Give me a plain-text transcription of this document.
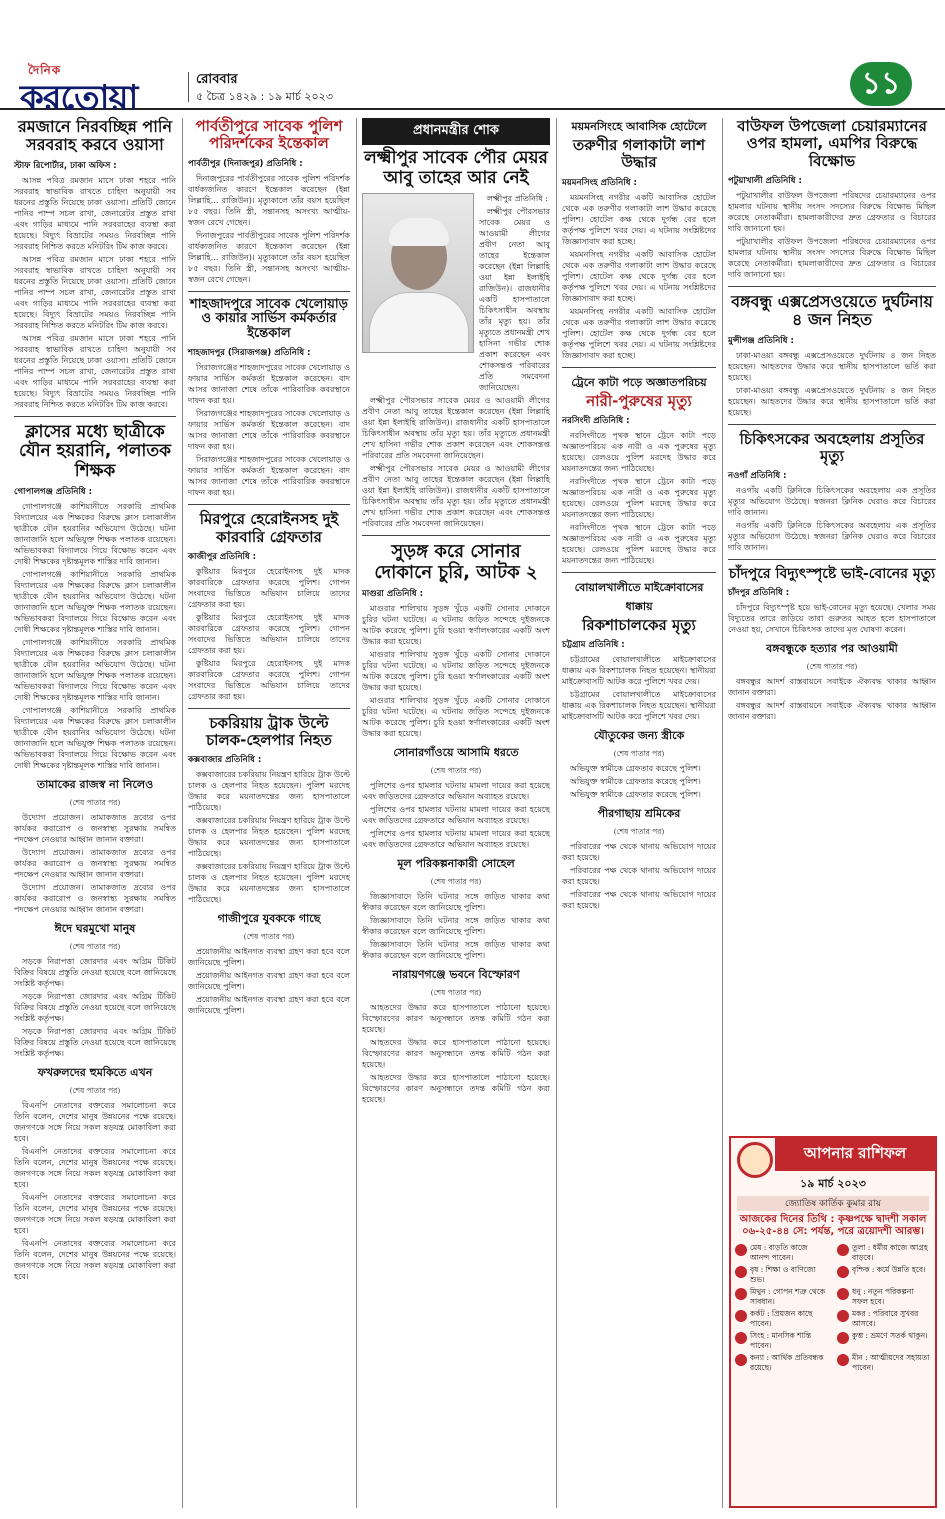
দৈনিক
করতোয়া	রোববার
৫ চৈত্র ১৪২৯ : ১৯ মার্চ ২০২৩	১১
রমজানে নিরবচ্ছিন্ন পানি সরবরাহ করবে ওয়াসা
স্টাফ রিপোর্টার, ঢাকা অফিস :

আসন্ন পবিত্র রমজান মাসে ঢাকা শহরে পানি সরবরাহ স্বাভাবিক রাখতে চাহিদা অনুযায়ী সব ধরনের প্রস্তুতি নিয়েছে ঢাকা ওয়াসা। প্রতিটি জোনে পানির পাম্প সচল রাখা, জেনারেটর প্রস্তুত রাখা এবং গাড়ির মাধ্যমে পানি সরবরাহের ব্যবস্থা করা হয়েছে। বিদ্যুৎ বিভ্রাটের সময়ও নিরবচ্ছিন্ন পানি সরবরাহ নিশ্চিত করতে মনিটরিং টিম কাজ করবে।

আসন্ন পবিত্র রমজান মাসে ঢাকা শহরে পানি সরবরাহ স্বাভাবিক রাখতে চাহিদা অনুযায়ী সব ধরনের প্রস্তুতি নিয়েছে ঢাকা ওয়াসা। প্রতিটি জোনে পানির পাম্প সচল রাখা, জেনারেটর প্রস্তুত রাখা এবং গাড়ির মাধ্যমে পানি সরবরাহের ব্যবস্থা করা হয়েছে। বিদ্যুৎ বিভ্রাটের সময়ও নিরবচ্ছিন্ন পানি সরবরাহ নিশ্চিত করতে মনিটরিং টিম কাজ করবে।

আসন্ন পবিত্র রমজান মাসে ঢাকা শহরে পানি সরবরাহ স্বাভাবিক রাখতে চাহিদা অনুযায়ী সব ধরনের প্রস্তুতি নিয়েছে ঢাকা ওয়াসা। প্রতিটি জোনে পানির পাম্প সচল রাখা, জেনারেটর প্রস্তুত রাখা এবং গাড়ির মাধ্যমে পানি সরবরাহের ব্যবস্থা করা হয়েছে। বিদ্যুৎ বিভ্রাটের সময়ও নিরবচ্ছিন্ন পানি সরবরাহ নিশ্চিত করতে মনিটরিং টিম কাজ করবে।

ক্লাসের মধ্যে ছাত্রীকে যৌন হয়রানি, পলাতক শিক্ষক
গোপালগঞ্জ প্রতিনিধি :

গোপালগঞ্জে কাশিয়ানীতে সরকারি প্রাথমিক বিদ্যালয়ের এক শিক্ষকের বিরুদ্ধে ক্লাস চলাকালীন ছাত্রীকে যৌন হয়রানির অভিযোগ উঠেছে। ঘটনা জানাজানি হলে অভিযুক্ত শিক্ষক পলাতক রয়েছেন। অভিভাবকরা বিদ্যালয়ে গিয়ে বিক্ষোভ করেন এবং দোষী শিক্ষকের দৃষ্টান্তমূলক শাস্তির দাবি জানান।

গোপালগঞ্জে কাশিয়ানীতে সরকারি প্রাথমিক বিদ্যালয়ের এক শিক্ষকের বিরুদ্ধে ক্লাস চলাকালীন ছাত্রীকে যৌন হয়রানির অভিযোগ উঠেছে। ঘটনা জানাজানি হলে অভিযুক্ত শিক্ষক পলাতক রয়েছেন। অভিভাবকরা বিদ্যালয়ে গিয়ে বিক্ষোভ করেন এবং দোষী শিক্ষকের দৃষ্টান্তমূলক শাস্তির দাবি জানান।

গোপালগঞ্জে কাশিয়ানীতে সরকারি প্রাথমিক বিদ্যালয়ের এক শিক্ষকের বিরুদ্ধে ক্লাস চলাকালীন ছাত্রীকে যৌন হয়রানির অভিযোগ উঠেছে। ঘটনা জানাজানি হলে অভিযুক্ত শিক্ষক পলাতক রয়েছেন। অভিভাবকরা বিদ্যালয়ে গিয়ে বিক্ষোভ করেন এবং দোষী শিক্ষকের দৃষ্টান্তমূলক শাস্তির দাবি জানান।

গোপালগঞ্জে কাশিয়ানীতে সরকারি প্রাথমিক বিদ্যালয়ের এক শিক্ষকের বিরুদ্ধে ক্লাস চলাকালীন ছাত্রীকে যৌন হয়রানির অভিযোগ উঠেছে। ঘটনা জানাজানি হলে অভিযুক্ত শিক্ষক পলাতক রয়েছেন। অভিভাবকরা বিদ্যালয়ে গিয়ে বিক্ষোভ করেন এবং দোষী শিক্ষকের দৃষ্টান্তমূলক শাস্তির দাবি জানান।

তামাকের রাজস্ব না নিলেও
(শেষ পাতার পর)

উদ্যোগ প্রয়োজন। তামাকজাত দ্রব্যের ওপর কার্যকর করারোপ ও জনস্বাস্থ্য সুরক্ষায় সমন্বিত পদক্ষেপ নেওয়ার আহ্বান জানান বক্তারা।

উদ্যোগ প্রয়োজন। তামাকজাত দ্রব্যের ওপর কার্যকর করারোপ ও জনস্বাস্থ্য সুরক্ষায় সমন্বিত পদক্ষেপ নেওয়ার আহ্বান জানান বক্তারা।

উদ্যোগ প্রয়োজন। তামাকজাত দ্রব্যের ওপর কার্যকর করারোপ ও জনস্বাস্থ্য সুরক্ষায় সমন্বিত পদক্ষেপ নেওয়ার আহ্বান জানান বক্তারা।

ঈদে ঘরমুখো মানুষ
(শেষ পাতার পর)

সড়কে নিরাপত্তা জোরদার এবং অগ্রিম টিকিট বিক্রির বিষয়ে প্রস্তুতি নেওয়া হয়েছে বলে জানিয়েছে সংশ্লিষ্ট কর্তৃপক্ষ।

সড়কে নিরাপত্তা জোরদার এবং অগ্রিম টিকিট বিক্রির বিষয়ে প্রস্তুতি নেওয়া হয়েছে বলে জানিয়েছে সংশ্লিষ্ট কর্তৃপক্ষ।

সড়কে নিরাপত্তা জোরদার এবং অগ্রিম টিকিট বিক্রির বিষয়ে প্রস্তুতি নেওয়া হয়েছে বলে জানিয়েছে সংশ্লিষ্ট কর্তৃপক্ষ।

ফখরুলদের হুমকিতে এখন
(শেষ পাতার পর)

বিএনপি নেতাদের বক্তব্যের সমালোচনা করে তিনি বলেন, দেশের মানুষ উন্নয়নের পক্ষে রয়েছে। জনগণকে সঙ্গে নিয়ে সকল ষড়যন্ত্র মোকাবিলা করা হবে।

বিএনপি নেতাদের বক্তব্যের সমালোচনা করে তিনি বলেন, দেশের মানুষ উন্নয়নের পক্ষে রয়েছে। জনগণকে সঙ্গে নিয়ে সকল ষড়যন্ত্র মোকাবিলা করা হবে।

বিএনপি নেতাদের বক্তব্যের সমালোচনা করে তিনি বলেন, দেশের মানুষ উন্নয়নের পক্ষে রয়েছে। জনগণকে সঙ্গে নিয়ে সকল ষড়যন্ত্র মোকাবিলা করা হবে।

বিএনপি নেতাদের বক্তব্যের সমালোচনা করে তিনি বলেন, দেশের মানুষ উন্নয়নের পক্ষে রয়েছে। জনগণকে সঙ্গে নিয়ে সকল ষড়যন্ত্র মোকাবিলা করা হবে।

পার্বতীপুরে সাবেক পুলিশ পরিদর্শকের ইন্তেকাল
পার্বতীপুর (দিনাজপুর) প্রতিনিধি :

দিনাজপুরের পার্বতীপুরের সাবেক পুলিশ পরিদর্শক বার্ধক্যজনিত কারণে ইন্তেকাল করেছেন (ইন্না লিল্লাহি... রাজিউন)। মৃত্যুকালে তাঁর বয়স হয়েছিল ৮৫ বছর। তিনি স্ত্রী, সন্তানসহ অসংখ্য আত্মীয়-স্বজন রেখে গেছেন।

দিনাজপুরের পার্বতীপুরের সাবেক পুলিশ পরিদর্শক বার্ধক্যজনিত কারণে ইন্তেকাল করেছেন (ইন্না লিল্লাহি... রাজিউন)। মৃত্যুকালে তাঁর বয়স হয়েছিল ৮৫ বছর। তিনি স্ত্রী, সন্তানসহ অসংখ্য আত্মীয়-স্বজন রেখে গেছেন।

শাহজাদপুরে সাবেক খেলোয়াড় ও কায়ার সার্ভিস কর্মকর্তার ইন্তেকাল
শাহজাদপুর (সিরাজগঞ্জ) প্রতিনিধি :

সিরাজগঞ্জের শাহজাদপুরের সাবেক খেলোয়াড় ও ফায়ার সার্ভিস কর্মকর্তা ইন্তেকাল করেছেন। বাদ আসর জানাজা শেষে তাঁকে পারিবারিক কবরস্থানে দাফন করা হয়।

সিরাজগঞ্জের শাহজাদপুরের সাবেক খেলোয়াড় ও ফায়ার সার্ভিস কর্মকর্তা ইন্তেকাল করেছেন। বাদ আসর জানাজা শেষে তাঁকে পারিবারিক কবরস্থানে দাফন করা হয়।

সিরাজগঞ্জের শাহজাদপুরের সাবেক খেলোয়াড় ও ফায়ার সার্ভিস কর্মকর্তা ইন্তেকাল করেছেন। বাদ আসর জানাজা শেষে তাঁকে পারিবারিক কবরস্থানে দাফন করা হয়।

মিরপুরে হেরোইনসহ দুই কারবারি গ্রেফতার
কাজীপুর প্রতিনিধি :

কুষ্টিয়ার মিরপুরে হেরোইনসহ দুই মাদক কারবারিকে গ্রেফতার করেছে পুলিশ। গোপন সংবাদের ভিত্তিতে অভিযান চালিয়ে তাদের গ্রেফতার করা হয়।

কুষ্টিয়ার মিরপুরে হেরোইনসহ দুই মাদক কারবারিকে গ্রেফতার করেছে পুলিশ। গোপন সংবাদের ভিত্তিতে অভিযান চালিয়ে তাদের গ্রেফতার করা হয়।

কুষ্টিয়ার মিরপুরে হেরোইনসহ দুই মাদক কারবারিকে গ্রেফতার করেছে পুলিশ। গোপন সংবাদের ভিত্তিতে অভিযান চালিয়ে তাদের গ্রেফতার করা হয়।

চকরিয়ায় ট্রাক উল্টে চালক-হেলপার নিহত
কক্সবাজার প্রতিনিধি :

কক্সবাজারের চকরিয়ায় নিয়ন্ত্রণ হারিয়ে ট্রাক উল্টে চালক ও হেলপার নিহত হয়েছেন। পুলিশ মরদেহ উদ্ধার করে ময়নাতদন্তের জন্য হাসপাতালে পাঠিয়েছে।

কক্সবাজারের চকরিয়ায় নিয়ন্ত্রণ হারিয়ে ট্রাক উল্টে চালক ও হেলপার নিহত হয়েছেন। পুলিশ মরদেহ উদ্ধার করে ময়নাতদন্তের জন্য হাসপাতালে পাঠিয়েছে।

কক্সবাজারের চকরিয়ায় নিয়ন্ত্রণ হারিয়ে ট্রাক উল্টে চালক ও হেলপার নিহত হয়েছেন। পুলিশ মরদেহ উদ্ধার করে ময়নাতদন্তের জন্য হাসপাতালে পাঠিয়েছে।

গাজীপুরে যুবককে গাছে
(শেষ পাতার পর)

প্রয়োজনীয় আইনগত ব্যবস্থা গ্রহণ করা হবে বলে জানিয়েছে পুলিশ।

প্রয়োজনীয় আইনগত ব্যবস্থা গ্রহণ করা হবে বলে জানিয়েছে পুলিশ।

প্রয়োজনীয় আইনগত ব্যবস্থা গ্রহণ করা হবে বলে জানিয়েছে পুলিশ।

প্রধানমন্ত্রীর শোক
লক্ষ্মীপুর সাবেক পৌর মেয়র আবু তাহের আর নেই

লক্ষ্মীপুর প্রতিনিধি :

লক্ষ্মীপুর পৌরসভার সাবেক মেয়র ও আওয়ামী লীগের প্রবীণ নেতা আবু তাহের ইন্তেকাল করেছেন (ইন্না লিল্লাহি ওয়া ইন্না ইলাইহি রাজিউন)। রাজধানীর একটি হাসপাতালে চিকিৎসাধীন অবস্থায় তাঁর মৃত্যু হয়। তাঁর মৃত্যুতে প্রধানমন্ত্রী শেখ হাসিনা গভীর শোক প্রকাশ করেছেন এবং শোকসন্তপ্ত পরিবারের প্রতি সমবেদনা জানিয়েছেন।

লক্ষ্মীপুর পৌরসভার সাবেক মেয়র ও আওয়ামী লীগের প্রবীণ নেতা আবু তাহের ইন্তেকাল করেছেন (ইন্না লিল্লাহি ওয়া ইন্না ইলাইহি রাজিউন)। রাজধানীর একটি হাসপাতালে চিকিৎসাধীন অবস্থায় তাঁর মৃত্যু হয়। তাঁর মৃত্যুতে প্রধানমন্ত্রী শেখ হাসিনা গভীর শোক প্রকাশ করেছেন এবং শোকসন্তপ্ত পরিবারের প্রতি সমবেদনা জানিয়েছেন।

লক্ষ্মীপুর পৌরসভার সাবেক মেয়র ও আওয়ামী লীগের প্রবীণ নেতা আবু তাহের ইন্তেকাল করেছেন (ইন্না লিল্লাহি ওয়া ইন্না ইলাইহি রাজিউন)। রাজধানীর একটি হাসপাতালে চিকিৎসাধীন অবস্থায় তাঁর মৃত্যু হয়। তাঁর মৃত্যুতে প্রধানমন্ত্রী শেখ হাসিনা গভীর শোক প্রকাশ করেছেন এবং শোকসন্তপ্ত পরিবারের প্রতি সমবেদনা জানিয়েছেন।

সুড়ঙ্গ করে সোনার দোকানে চুরি, আটক ২
মাগুরা প্রতিনিধি :

মাগুরার শালিখায় সুড়ঙ্গ খুঁড়ে একটি সোনার দোকানে চুরির ঘটনা ঘটেছে। এ ঘটনায় জড়িত সন্দেহে দুইজনকে আটক করেছে পুলিশ। চুরি হওয়া স্বর্ণালংকারের একটি অংশ উদ্ধার করা হয়েছে।

মাগুরার শালিখায় সুড়ঙ্গ খুঁড়ে একটি সোনার দোকানে চুরির ঘটনা ঘটেছে। এ ঘটনায় জড়িত সন্দেহে দুইজনকে আটক করেছে পুলিশ। চুরি হওয়া স্বর্ণালংকারের একটি অংশ উদ্ধার করা হয়েছে।

মাগুরার শালিখায় সুড়ঙ্গ খুঁড়ে একটি সোনার দোকানে চুরির ঘটনা ঘটেছে। এ ঘটনায় জড়িত সন্দেহে দুইজনকে আটক করেছে পুলিশ। চুরি হওয়া স্বর্ণালংকারের একটি অংশ উদ্ধার করা হয়েছে।

সোনারগাঁওয়ে আসামি ধরতে
(শেষ পাতার পর)

পুলিশের ওপর হামলার ঘটনায় মামলা দায়ের করা হয়েছে এবং জড়িতদের গ্রেফতারে অভিযান অব্যাহত রয়েছে।

পুলিশের ওপর হামলার ঘটনায় মামলা দায়ের করা হয়েছে এবং জড়িতদের গ্রেফতারে অভিযান অব্যাহত রয়েছে।

পুলিশের ওপর হামলার ঘটনায় মামলা দায়ের করা হয়েছে এবং জড়িতদের গ্রেফতারে অভিযান অব্যাহত রয়েছে।

মূল পরিকল্পনাকারী সোহেল
(শেষ পাতার পর)

জিজ্ঞাসাবাদে তিনি ঘটনার সঙ্গে জড়িত থাকার কথা স্বীকার করেছেন বলে জানিয়েছে পুলিশ।

জিজ্ঞাসাবাদে তিনি ঘটনার সঙ্গে জড়িত থাকার কথা স্বীকার করেছেন বলে জানিয়েছে পুলিশ।

জিজ্ঞাসাবাদে তিনি ঘটনার সঙ্গে জড়িত থাকার কথা স্বীকার করেছেন বলে জানিয়েছে পুলিশ।

নারায়ণগঞ্জে ভবনে বিস্ফোরণ
(শেষ পাতার পর)

আহতদের উদ্ধার করে হাসপাতালে পাঠানো হয়েছে। বিস্ফোরণের কারণ অনুসন্ধানে তদন্ত কমিটি গঠন করা হয়েছে।

আহতদের উদ্ধার করে হাসপাতালে পাঠানো হয়েছে। বিস্ফোরণের কারণ অনুসন্ধানে তদন্ত কমিটি গঠন করা হয়েছে।

আহতদের উদ্ধার করে হাসপাতালে পাঠানো হয়েছে। বিস্ফোরণের কারণ অনুসন্ধানে তদন্ত কমিটি গঠন করা হয়েছে।

ময়মনসিংহে আবাসিক হোটেলে
তরুণীর গলাকাটা লাশ উদ্ধার
ময়মনসিংহ প্রতিনিধি :

ময়মনসিংহ নগরীর একটি আবাসিক হোটেল থেকে এক তরুণীর গলাকাটা লাশ উদ্ধার করেছে পুলিশ। হোটেল কক্ষ থেকে দুর্গন্ধ বের হলে কর্তৃপক্ষ পুলিশে খবর দেয়। এ ঘটনায় সংশ্লিষ্টদের জিজ্ঞাসাবাদ করা হচ্ছে।

ময়মনসিংহ নগরীর একটি আবাসিক হোটেল থেকে এক তরুণীর গলাকাটা লাশ উদ্ধার করেছে পুলিশ। হোটেল কক্ষ থেকে দুর্গন্ধ বের হলে কর্তৃপক্ষ পুলিশে খবর দেয়। এ ঘটনায় সংশ্লিষ্টদের জিজ্ঞাসাবাদ করা হচ্ছে।

ময়মনসিংহ নগরীর একটি আবাসিক হোটেল থেকে এক তরুণীর গলাকাটা লাশ উদ্ধার করেছে পুলিশ। হোটেল কক্ষ থেকে দুর্গন্ধ বের হলে কর্তৃপক্ষ পুলিশে খবর দেয়। এ ঘটনায় সংশ্লিষ্টদের জিজ্ঞাসাবাদ করা হচ্ছে।

ট্রেনে কাটা পড়ে অজ্ঞাতপরিচয়
নারী-পুরুষের মৃত্যু
নরসিংদী প্রতিনিধি :

নরসিংদীতে পৃথক স্থানে ট্রেনে কাটা পড়ে অজ্ঞাতপরিচয় এক নারী ও এক পুরুষের মৃত্যু হয়েছে। রেলওয়ে পুলিশ মরদেহ উদ্ধার করে ময়নাতদন্তের জন্য পাঠিয়েছে।

নরসিংদীতে পৃথক স্থানে ট্রেনে কাটা পড়ে অজ্ঞাতপরিচয় এক নারী ও এক পুরুষের মৃত্যু হয়েছে। রেলওয়ে পুলিশ মরদেহ উদ্ধার করে ময়নাতদন্তের জন্য পাঠিয়েছে।

নরসিংদীতে পৃথক স্থানে ট্রেনে কাটা পড়ে অজ্ঞাতপরিচয় এক নারী ও এক পুরুষের মৃত্যু হয়েছে। রেলওয়ে পুলিশ মরদেহ উদ্ধার করে ময়নাতদন্তের জন্য পাঠিয়েছে।

বোয়ালখালীতে মাইক্রোবাসের ধাক্কায়
রিকশাচালকের মৃত্যু
চট্টগ্রাম প্রতিনিধি :

চট্টগ্রামের বোয়ালখালীতে মাইক্রোবাসের ধাক্কায় এক রিকশাচালক নিহত হয়েছেন। স্থানীয়রা মাইক্রোবাসটি আটক করে পুলিশে খবর দেয়।

চট্টগ্রামের বোয়ালখালীতে মাইক্রোবাসের ধাক্কায় এক রিকশাচালক নিহত হয়েছেন। স্থানীয়রা মাইক্রোবাসটি আটক করে পুলিশে খবর দেয়।

যৌতুকের জন্য স্ত্রীকে
(শেষ পাতার পর)

অভিযুক্ত স্বামীকে গ্রেফতার করেছে পুলিশ।

অভিযুক্ত স্বামীকে গ্রেফতার করেছে পুলিশ।

অভিযুক্ত স্বামীকে গ্রেফতার করেছে পুলিশ।

পীরগাছায় শ্রমিকের
(শেষ পাতার পর)

পরিবারের পক্ষ থেকে থানায় অভিযোগ দায়ের করা হয়েছে।

পরিবারের পক্ষ থেকে থানায় অভিযোগ দায়ের করা হয়েছে।

পরিবারের পক্ষ থেকে থানায় অভিযোগ দায়ের করা হয়েছে।

বাউফল উপজেলা চেয়ারম্যানের ওপর হামলা, এমপির বিরুদ্ধে বিক্ষোভ
পটুয়াখালী প্রতিনিধি :

পটুয়াখালীর বাউফল উপজেলা পরিষদের চেয়ারম্যানের ওপর হামলার ঘটনায় স্থানীয় সংসদ সদস্যের বিরুদ্ধে বিক্ষোভ মিছিল করেছে নেতাকর্মীরা। হামলাকারীদের দ্রুত গ্রেফতার ও বিচারের দাবি জানানো হয়।

পটুয়াখালীর বাউফল উপজেলা পরিষদের চেয়ারম্যানের ওপর হামলার ঘটনায় স্থানীয় সংসদ সদস্যের বিরুদ্ধে বিক্ষোভ মিছিল করেছে নেতাকর্মীরা। হামলাকারীদের দ্রুত গ্রেফতার ও বিচারের দাবি জানানো হয়।

বঙ্গবন্ধু এক্সপ্রেসওয়েতে দুর্ঘটনায় ৪ জন নিহত
মুন্সীগঞ্জ প্রতিনিধি :

ঢাকা-মাওয়া বঙ্গবন্ধু এক্সপ্রেসওয়েতে দুর্ঘটনায় ৪ জন নিহত হয়েছেন। আহতদের উদ্ধার করে স্থানীয় হাসপাতালে ভর্তি করা হয়েছে।

ঢাকা-মাওয়া বঙ্গবন্ধু এক্সপ্রেসওয়েতে দুর্ঘটনায় ৪ জন নিহত হয়েছেন। আহতদের উদ্ধার করে স্থানীয় হাসপাতালে ভর্তি করা হয়েছে।

চিকিৎসকের অবহেলায় প্রসূতির মৃত্যু
নওগাঁ প্রতিনিধি :

নওগাঁয় একটি ক্লিনিকে চিকিৎসকের অবহেলায় এক প্রসূতির মৃত্যুর অভিযোগ উঠেছে। স্বজনরা ক্লিনিক ঘেরাও করে বিচারের দাবি জানান।

নওগাঁয় একটি ক্লিনিকে চিকিৎসকের অবহেলায় এক প্রসূতির মৃত্যুর অভিযোগ উঠেছে। স্বজনরা ক্লিনিক ঘেরাও করে বিচারের দাবি জানান।

চাঁদপুরে বিদ্যুৎস্পৃষ্টে ভাই-বোনের মৃত্যু
চাঁদপুর প্রতিনিধি :

চাঁদপুরে বিদ্যুৎস্পৃষ্ট হয়ে ভাই-বোনের মৃত্যু হয়েছে। খেলার সময় বিদ্যুতের তারে জড়িয়ে তারা গুরুতর আহত হলে হাসপাতালে নেওয়া হয়, সেখানে চিকিৎসক তাদের মৃত ঘোষণা করেন।

বঙ্গবন্ধুকে হত্যার পর আওয়ামী
(শেষ পাতার পর)

বঙ্গবন্ধুর আদর্শ বাস্তবায়নে সবাইকে ঐক্যবদ্ধ থাকার আহ্বান জানান বক্তারা।

বঙ্গবন্ধুর আদর্শ বাস্তবায়নে সবাইকে ঐক্যবদ্ধ থাকার আহ্বান জানান বক্তারা।

আপনার রাশিফল
১৯ মার্চ ২০২৩
জ্যোতিষ কার্তিক কুমার রায়
আজকের দিনের তিথি : কৃষ্ণপক্ষে দ্বাদশী সকাল ০৬-২৫-৪৪ সে: পর্যন্ত, পরে ত্রয়োদশী আরম্ভ।
মেষ : বাড়তি কাজে আনন্দ পাবেন।
তুলা : ধর্মীয় কাজে আগ্রহ বাড়বে।
বৃষ : শিক্ষা ও বাণিজ্যে শুভ।
বৃশ্চিক : কর্মে উন্নতি হবে।
মিথুন : গোপন শত্রু থেকে সাবধান।
ধনু : নতুন পরিকল্পনা সফল হবে।
কর্কট : প্রিয়জন কাছে পাবেন।
মকর : পরিবারে সুখবর আসবে।
সিংহ : মানসিক শান্তি পাবেন।
কুম্ভ : ভ্রমণে সতর্ক থাকুন।
কন্যা : আর্থিক প্রতিবন্ধক রয়েছে।
মীন : আত্মীয়দের সহায়তা পাবেন।
